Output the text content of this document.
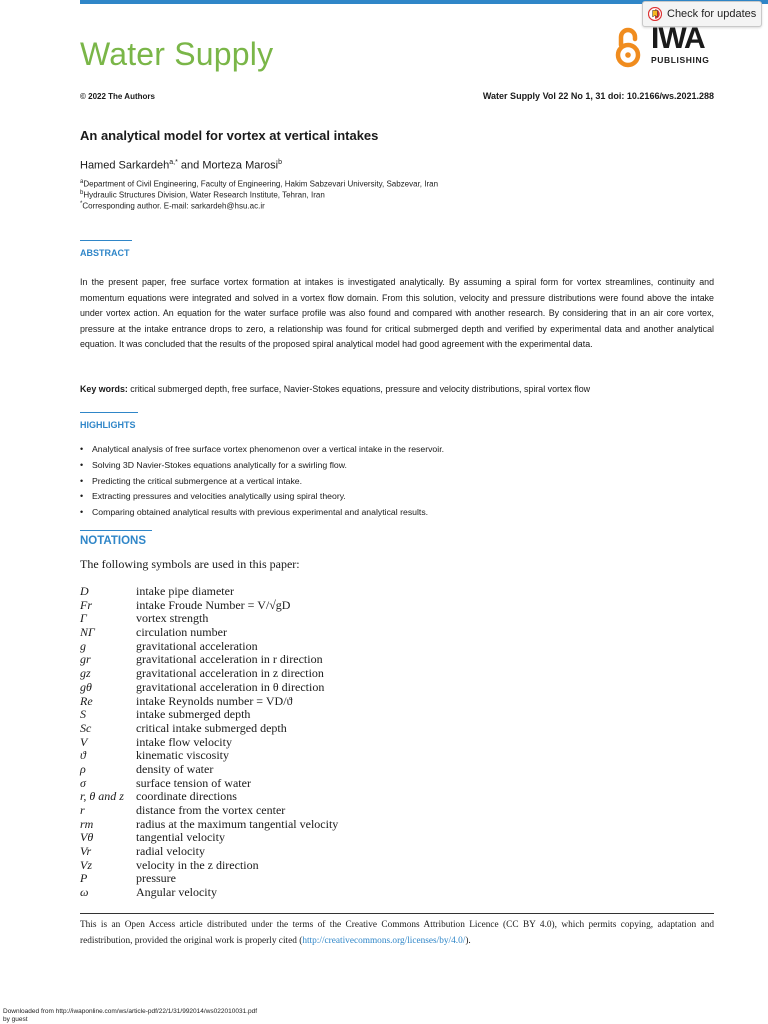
Check for updates
Water Supply	IWA
PUBLISHING
© 2022 The Authors	Water Supply Vol 22 No 1, 31 doi: 10.2166/ws.2021.288
An analytical model for vortex at vertical intakes
Hamed Sarkardeh$^{a,*}$ and Morteza Marosi$^b$
$^a$Department of Civil Engineering, Faculty of Engineering, Hakim Sabzevari University, Sabzevar, Iran
$^b$Hydraulic Structures Division, Water Research Institute, Tehran, Iran
*Corresponding author. E-mail: sarkardeh@hsu.ac.ir
ABSTRACT

In the present paper, free surface vortex formation at intakes is investigated analytically. By assuming a spiral form for vortex streamlines, continuity and momentum equations were integrated and solved in a vortex flow domain. From this solution, velocity and pressure distributions were found above the intake under vortex action. An equation for the water surface profile was also found and compared with another research. By considering that in an air core vortex, pressure at the intake entrance drops to zero, a relationship was found for critical submerged depth and verified by experimental data and another analytical equation. It was concluded that the results of the proposed spiral analytical model had good agreement with the experimental data.

Key words: critical submerged depth, free surface, Navier-Stokes equations, pressure and velocity distributions, spiral vortex flow
HIGHLIGHTS
•	Analytical analysis of free surface vortex phenomenon over a vertical intake in the reservoir.
•	Solving 3D Navier-Stokes equations analytically for a swirling flow.
•	Predicting the critical submergence at a vertical intake.
•	Extracting pressures and velocities analytically using spiral theory.
•	Comparing obtained analytical results with previous experimental and analytical results.
NOTATIONS
The following symbols are used in this paper:
D	intake pipe diameter
Fr	intake Froude Number = V/√gD
Γ	vortex strength
NΓ	circulation number
g	gravitational acceleration
gr	gravitational acceleration in r direction
gz	gravitational acceleration in z direction
gθ	gravitational acceleration in θ direction
Re	intake Reynolds number = VD/ϑ
S	intake submerged depth
Sc	critical intake submerged depth
V	intake flow velocity
ϑ	kinematic viscosity
ρ	density of water
σ	surface tension of water
r, θ and z	coordinate directions
r	distance from the vortex center
rm	radius at the maximum tangential velocity
Vθ	tangential velocity
Vr	radial velocity
Vz	velocity in the z direction
P	pressure
ω	Angular velocity

This is an Open Access article distributed under the terms of the Creative Commons Attribution Licence (CC BY 4.0), which permits copying, adaptation and redistribution, provided the original work is properly cited (http://creativecommons.org/licenses/by/4.0/).

Downloaded from http://iwaponline.com/ws/article-pdf/22/1/31/992014/ws022010031.pdf
by guest
